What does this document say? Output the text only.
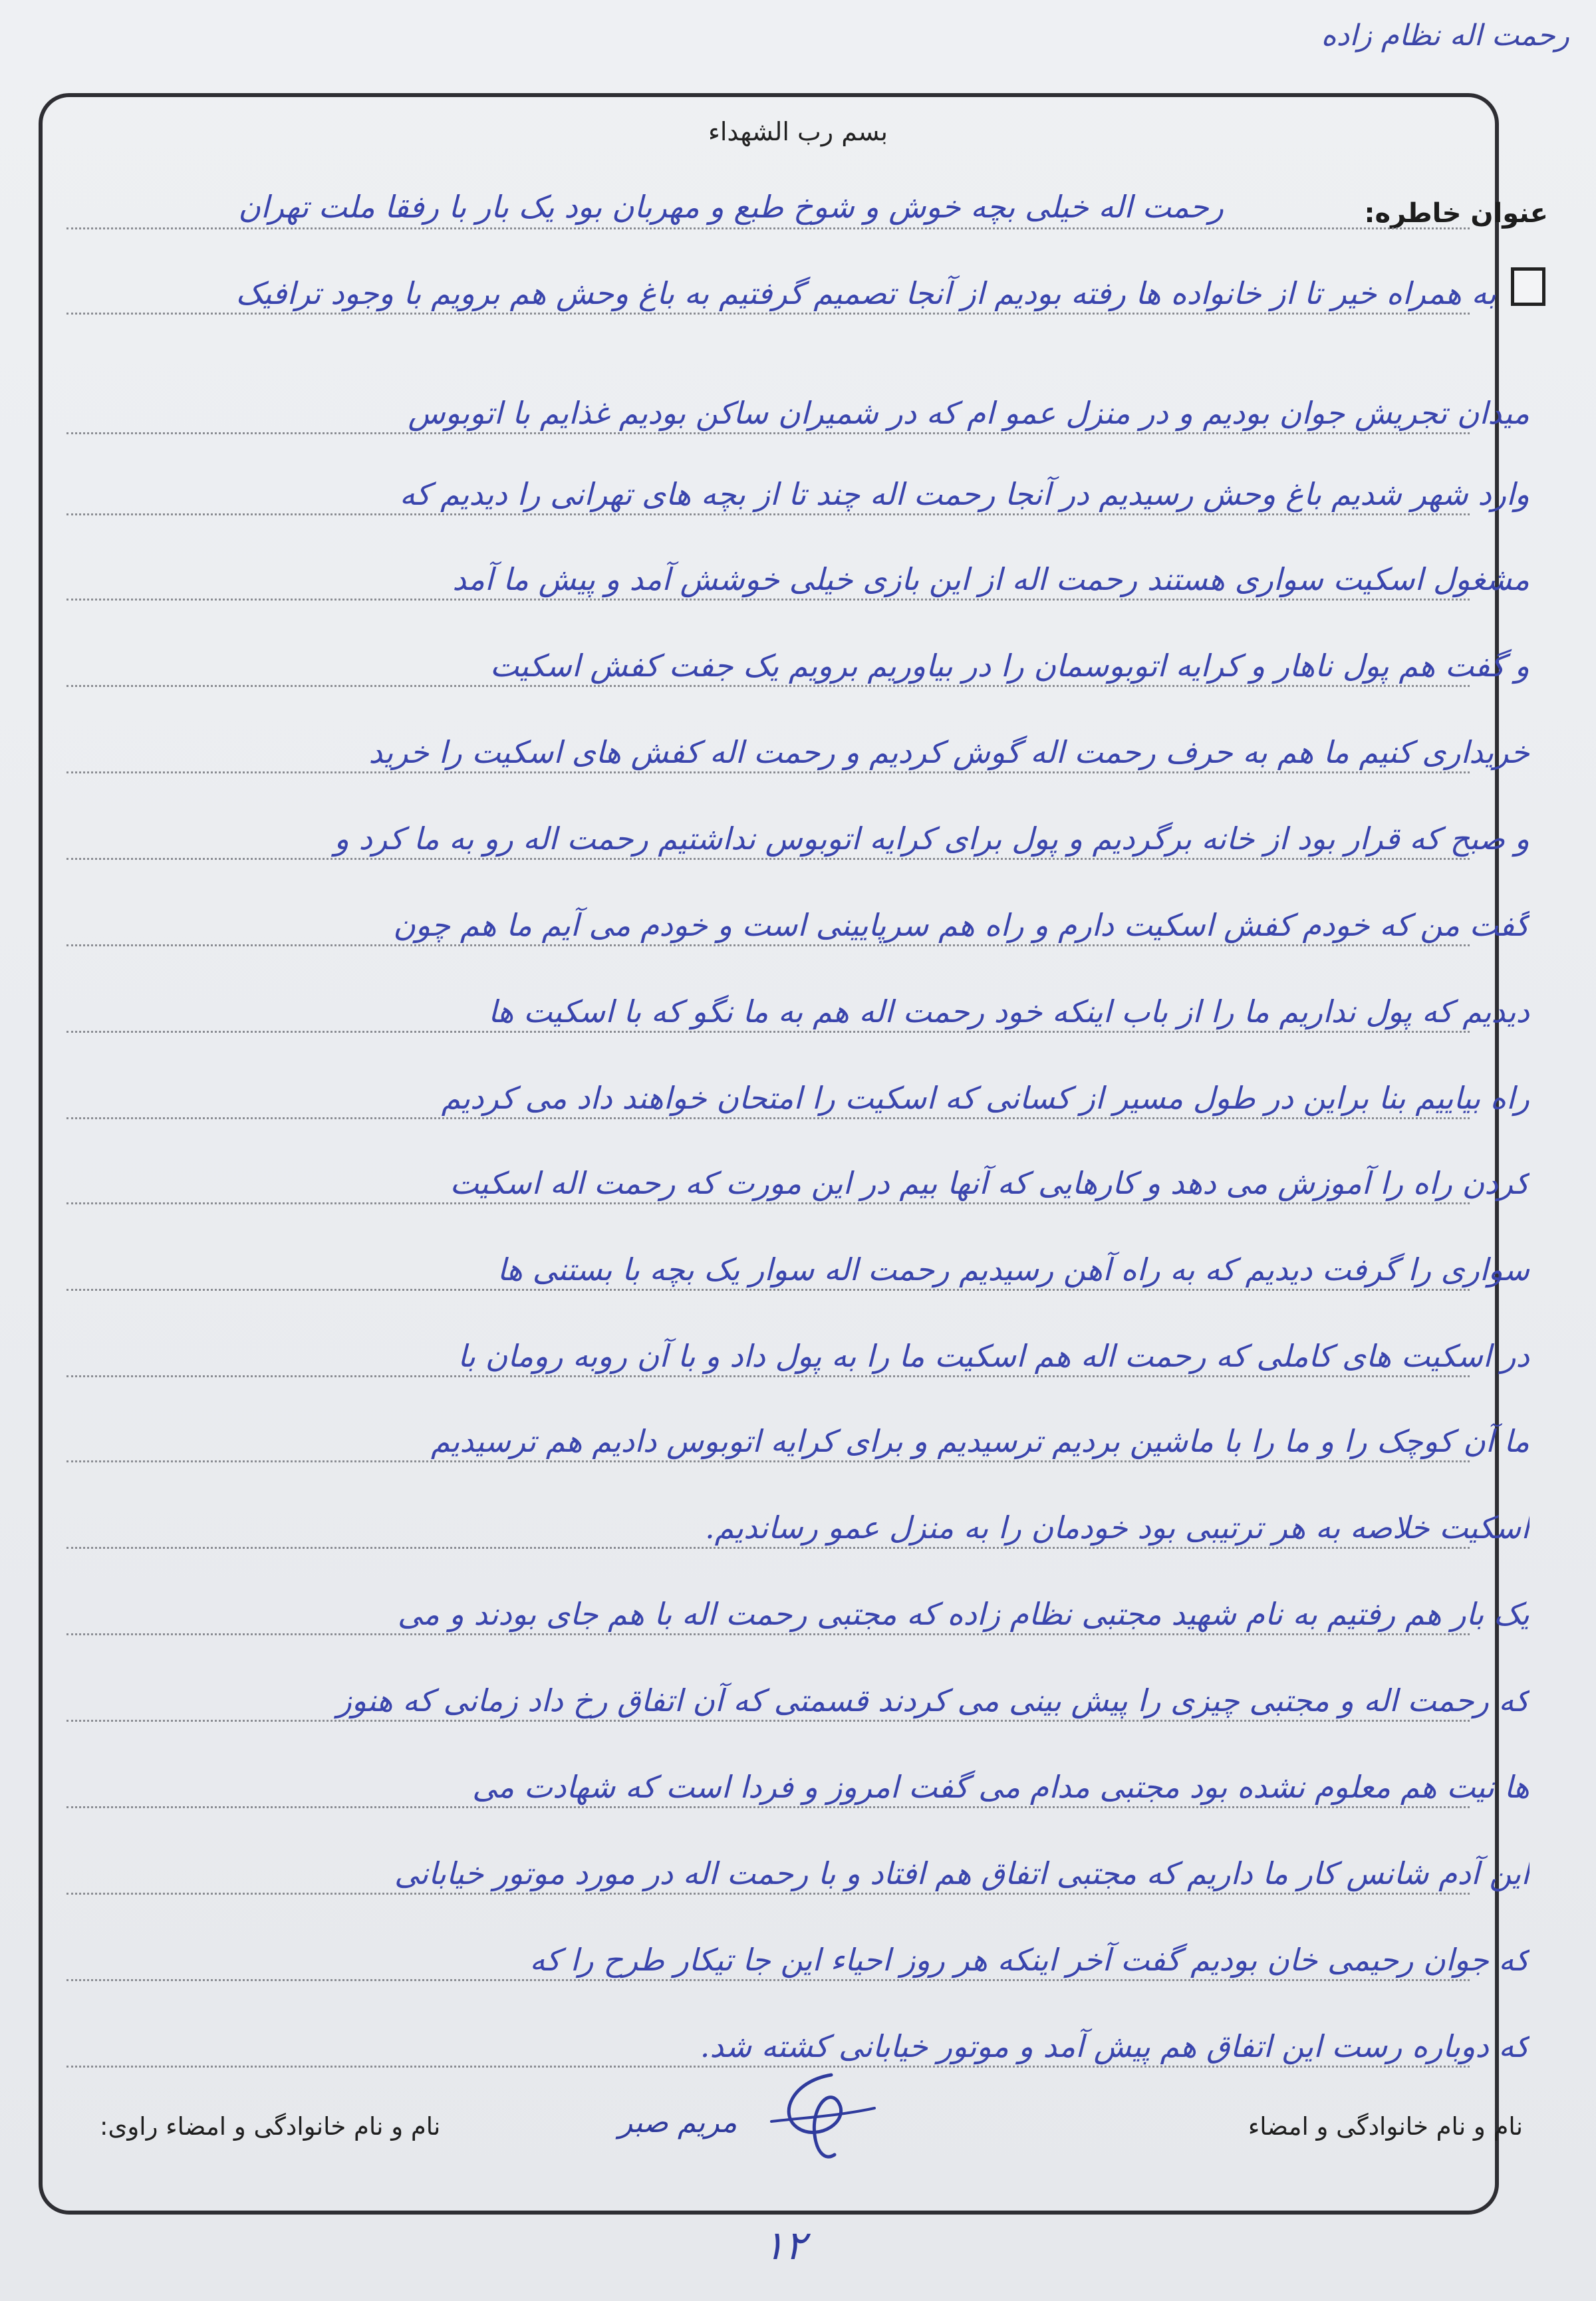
رحمت اله نظام زاده
بسم رب الشهداء
عنوان خاطره:
رحمت اله خیلی بچه خوش و شوخ طبع و مهربان بود یک بار با رفقا ملت تهران
به همراه خیر تا از خانواده ها رفته بودیم از آنجا تصمیم گرفتیم به باغ وحش هم برویم با وجود ترافیک
میدان تجریش جوان بودیم و در منزل عمو ام که در شمیران ساکن بودیم غذایم با اتوبوس
وارد شهر شدیم باغ وحش رسیدیم در آنجا رحمت اله چند تا از بچه های تهرانی را دیدیم که
مشغول اسکیت سواری هستند رحمت اله از این بازی خیلی خوشش آمد و پیش ما آمد
و گفت هم پول ناهار و کرایه اتوبوسمان را در بیاوریم برویم یک جفت کفش اسکیت
خریداری کنیم ما هم به حرف رحمت اله گوش کردیم و رحمت اله کفش های اسکیت را خرید
و صبح که قرار بود از خانه برگردیم و پول برای کرایه اتوبوس نداشتیم رحمت اله رو به ما کرد و
گفت من که خودم کفش اسکیت دارم و راه هم سرپایینی است و خودم می آیم ما هم چون
دیدیم که پول نداریم ما را از باب اینکه خود رحمت اله هم به ما نگو که با اسکیت ها
راه بیاییم بنا براین در طول مسیر از کسانی که اسکیت را امتحان خواهند داد می کردیم
کردن راه را آموزش می دهد و کارهایی که آنها بیم در این مورت که رحمت اله اسکیت
سواری را گرفت دیدیم که به راه آهن رسیدیم رحمت اله سوار یک بچه با بستنی ها
در اسکیت های کاملی که رحمت اله هم اسکیت ما را به پول داد و با آن روبه رومان با
ما آن کوچک را و ما را با ماشین بردیم ترسیدیم و برای کرایه اتوبوس دادیم هم ترسیدیم
اسکیت خلاصه به هر ترتیبی بود خودمان را به منزل عمو رساندیم.
یک بار هم رفتیم به نام شهید مجتبی نظام زاده که مجتبی رحمت اله با هم جای بودند و می
که رحمت اله و مجتبی چیزی را پیش بینی می کردند قسمتی که آن اتفاق رخ داد زمانی که هنوز
ها نیت هم معلوم نشده بود مجتبی مدام می گفت امروز و فردا است که شهادت می
این آدم شانس کار ما داریم که مجتبی اتفاق هم افتاد و با رحمت اله در مورد موتور خیابانی
که جوان رحیمی خان بودیم گفت آخر اینکه هر روز احیاء این جا تیکار طرح را که
که دوباره رست این اتفاق هم پیش آمد و موتور خیابانی کشته شد.
نام و نام خانوادگی و امضاء
مریم صبر
نام و نام خانوادگی و امضاء راوی:
١٢
